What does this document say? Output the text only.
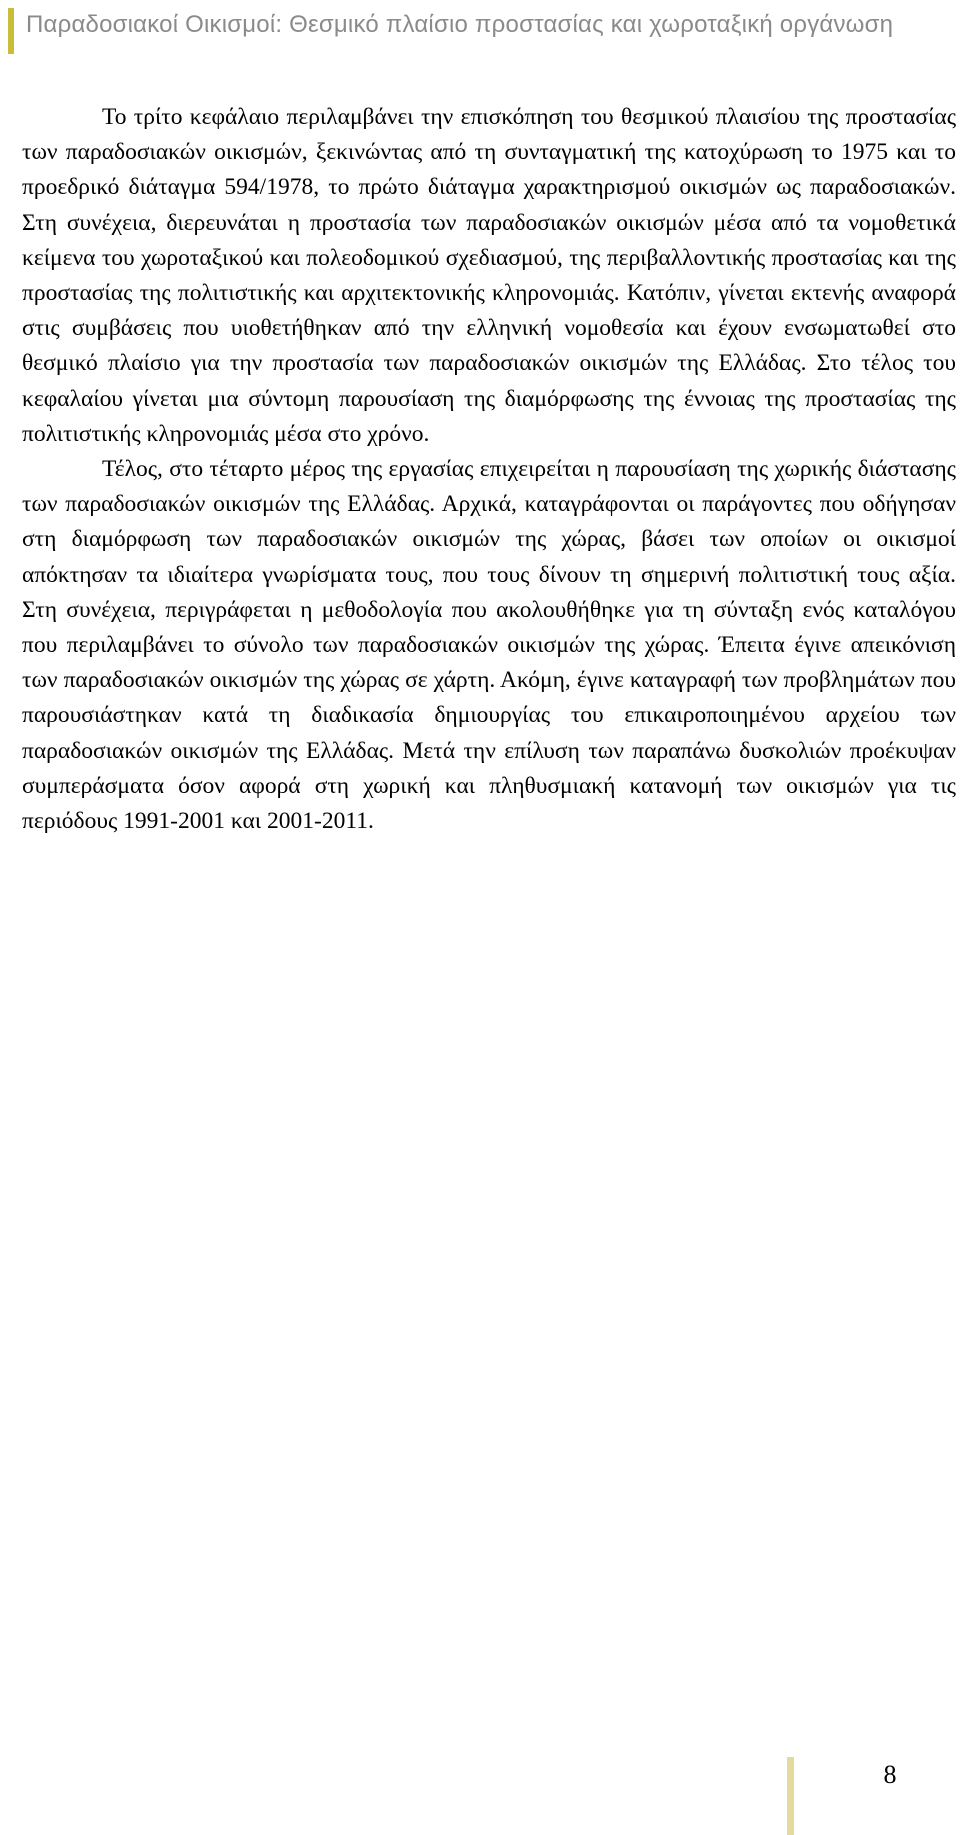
Παραδοσιακοί Οικισμοί: Θεσμικό πλαίσιο προστασίας και χωροταξική οργάνωση

Το τρίτο κεφάλαιο περιλαμβάνει την επισκόπηση του θεσμικού πλαισίου της προστασίας των παραδοσιακών οικισμών, ξεκινώντας από τη συνταγματική της κατοχύρωση το 1975 και το προεδρικό διάταγμα 594/1978, το πρώτο διάταγμα χαρακτηρισμού οικισμών ως παραδοσιακών. Στη συνέχεια, διερευνάται η προστασία των παραδοσιακών οικισμών μέσα από τα νομοθετικά κείμενα του χωροταξικού και πολεοδομικού σχεδιασμού, της περιβαλλοντικής προστασίας και της προστασίας της πολιτιστικής και αρχιτεκτονικής κληρονομιάς. Κατόπιν, γίνεται εκτενής αναφορά στις συμβάσεις που υιοθετήθηκαν από την ελληνική νομοθεσία και έχουν ενσωματωθεί στο θεσμικό πλαίσιο για την προστασία των παραδοσιακών οικισμών της Ελλάδας. Στο τέλος του κεφαλαίου γίνεται μια σύντομη παρουσίαση της διαμόρφωσης της έννοιας της προστασίας της πολιτιστικής κληρονομιάς μέσα στο χρόνο.

Τέλος, στο τέταρτο μέρος της εργασίας επιχειρείται η παρουσίαση της χωρικής διάστασης των παραδοσιακών οικισμών της Ελλάδας. Αρχικά, καταγράφονται οι παράγοντες που οδήγησαν στη διαμόρφωση των παραδοσιακών οικισμών της χώρας, βάσει των οποίων οι οικισμοί απόκτησαν τα ιδιαίτερα γνωρίσματα τους, που τους δίνουν τη σημερινή πολιτιστική τους αξία. Στη συνέχεια, περιγράφεται η μεθοδολογία που ακολουθήθηκε για τη σύνταξη ενός καταλόγου που περιλαμβάνει το σύνολο των παραδοσιακών οικισμών της χώρας. Έπειτα έγινε απεικόνιση των παραδοσιακών οικισμών της χώρας σε χάρτη. Ακόμη, έγινε καταγραφή των προβλημάτων που παρουσιάστηκαν κατά τη διαδικασία δημιουργίας του επικαιροποιημένου αρχείου των παραδοσιακών οικισμών της Ελλάδας. Μετά την επίλυση των παραπάνω δυσκολιών προέκυψαν συμπεράσματα όσον αφορά στη χωρική και πληθυσμιακή κατανομή των οικισμών για τις περιόδους 1991-2001 και 2001-2011.

8
